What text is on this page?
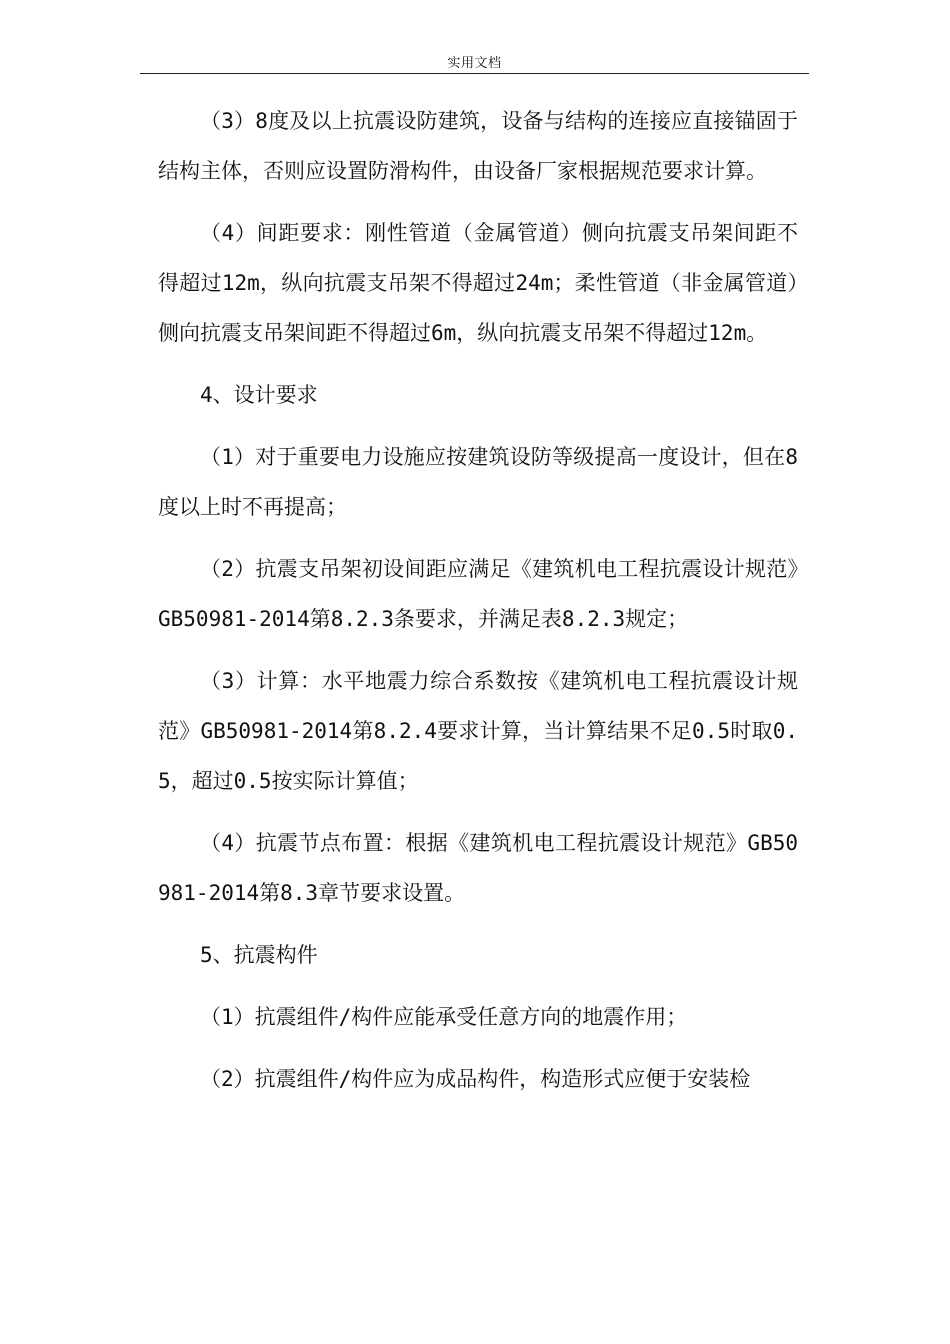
实用文档

（3）8度及以上抗震设防建筑，设备与结构的连接应直接锚固于结构主体，否则应设置防滑构件，由设备厂家根据规范要求计算。

（4）间距要求：刚性管道（金属管道）侧向抗震支吊架间距不得超过12m，纵向抗震支吊架不得超过24m；柔性管道（非金属管道）侧向抗震支吊架间距不得超过6m，纵向抗震支吊架不得超过12m。

4、设计要求

（1）对于重要电力设施应按建筑设防等级提高一度设计，但在8度以上时不再提高；

（2）抗震支吊架初设间距应满足《建筑机电工程抗震设计规范》GB50981-2014第8.2.3条要求，并满足表8.2.3规定；

（3）计算：水平地震力综合系数按《建筑机电工程抗震设计规范》GB50981-2014第8.2.4要求计算，当计算结果不足0.5时取0.5，超过0.5按实际计算值；

（4）抗震节点布置：根据《建筑机电工程抗震设计规范》GB50981-2014第8.3章节要求设置。

5、抗震构件

（1）抗震组件/构件应能承受任意方向的地震作用；

（2）抗震组件/构件应为成品构件，构造形式应便于安装检
